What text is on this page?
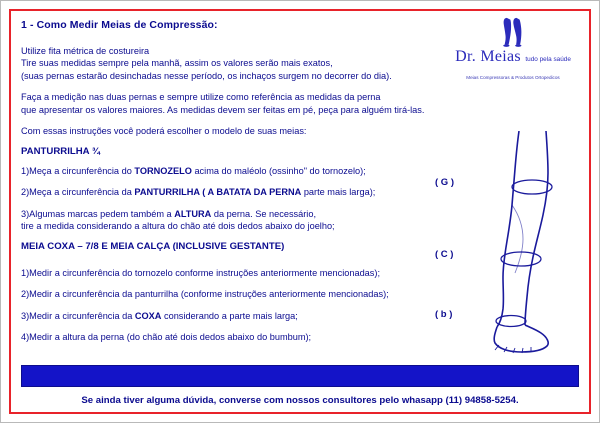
1 - Como Medir Meias de Compressão:
Dr. Meias tudo pela saúde Meias Compressoras & Produtos Ortopedicos
Utilize fita métrica de costureira
Tire suas medidas sempre pela manhã, assim os valores serão mais exatos,
(suas pernas estarão desinchadas nesse período, os inchaços surgem no decorrer do dia).
Faça a medição nas duas pernas e sempre utilize como referência as medidas da perna
que apresentar os valores maiores. As medidas devem ser feitas em pé, peça para alguém tirá-las.
Com essas instruções você poderá escolher o modelo de suas meias:
PANTURRILHA ¾
1)Meça a circunferência do TORNOZELO acima do maléolo (ossinho" do tornozelo);
2)Meça a circunferência da PANTURRILHA ( A BATATA DA PERNA parte mais larga);
3)Algumas marcas pedem também a ALTURA da perna. Se necessário,
tire a medida considerando a altura do chão até dois dedos abaixo do joelho;
MEIA COXA – 7/8 E MEIA CALÇA (INCLUSIVE GESTANTE)
1)Medir a circunferência do tornozelo conforme instruções anteriormente mencionadas);
2)Medir a circunferência da panturrilha (conforme instruções anteriormente mencionadas);
3)Medir a circunferência da COXA considerando a parte mais larga;
4)Medir a altura da perna (do chão até dois dedos abaixo do bumbum);
( G )
( C )
( b )
Se ainda tiver alguma dúvida, converse com nossos consultores pelo whasapp (11) 94858-5254.
